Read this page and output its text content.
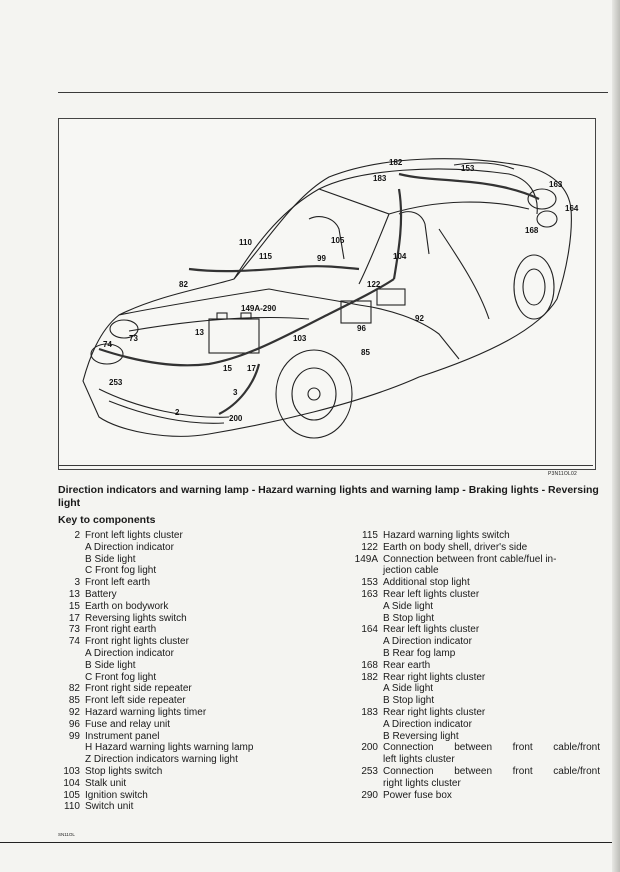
182
183
153
163
164
168
110
115
105
99	104
122
82
149A-290
92
13
73
74
96
85
103
15
253
3
17
2
200
P3N11OL02
Direction indicators and warning lamp - Hazard warning lights and warning lamp - Braking lights - Reversing light
Key to components
2 Front left lights cluster
A Direction indicator
B Side light
C Front fog light
3 Front left earth
13 Battery
15 Earth on bodywork
17 Reversing lights switch
73 Front right earth
74 Front right lights cluster
A Direction indicator
B Side light
C Front fog light
82 Front right side repeater
85 Front left side repeater
92 Hazard warning lights timer
96 Fuse and relay unit
99 Instrument panel
H Hazard warning lights warning lamp
Z Direction indicators warning light
103 Stop lights switch
104 Stalk unit
105 Ignition switch
110 Switch unit
115 Hazard warning lights switch
122 Earth on body shell, driver's side
149A Connection between front cable/fuel in-
jection cable
153 Additional stop light
163 Rear left lights cluster
A Side light
B Stop light
164 Rear left lights cluster
A Direction indicator
B Rear fog lamp
168 Rear earth
182 Rear right lights cluster
A Side light
B Stop light
183 Rear right lights cluster
A Direction indicator
B Reversing light
200 Connection between front cable/front
left lights cluster
253 Connection between front cable/front
right lights cluster
290 Power fuse box
SN11OL
